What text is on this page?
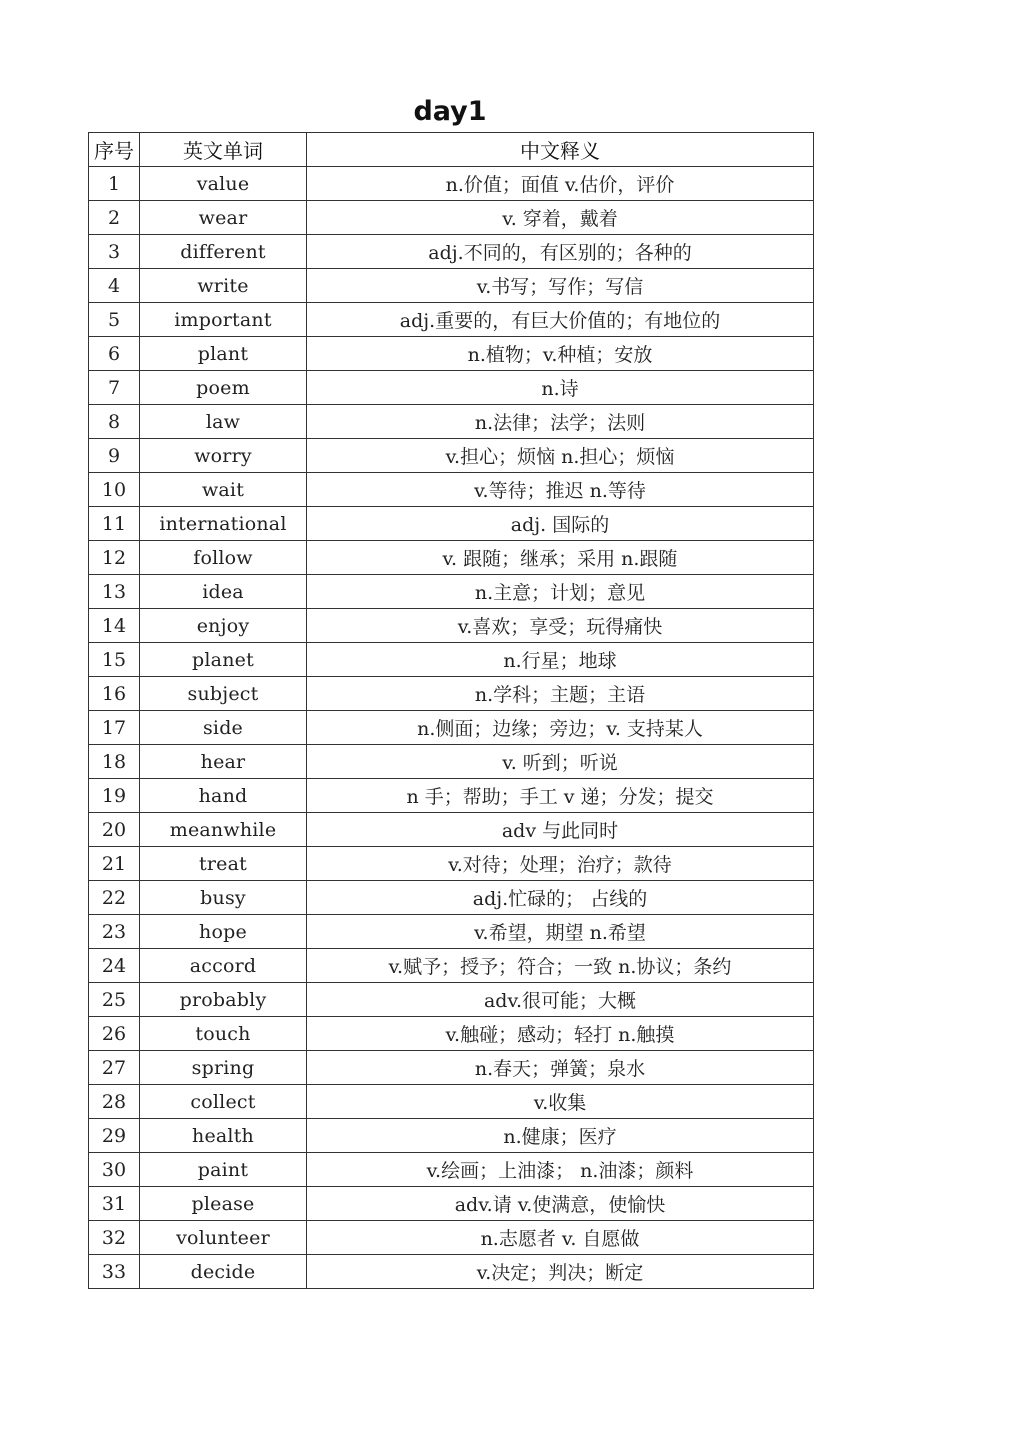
day1
序号	英文单词	中文释义
1	value	n.价值；面值 v.估价，评价
2	wear	v. 穿着，戴着
3	different	adj.不同的，有区别的；各种的
4	write	v.书写；写作；写信
5	important	adj.重要的，有巨大价值的；有地位的
6	plant	n.植物；v.种植；安放
7	poem	n.诗
8	law	n.法律；法学；法则
9	worry	v.担心；烦恼 n.担心；烦恼
10	wait	v.等待；推迟 n.等待
11	international	adj. 国际的
12	follow	v. 跟随；继承；采用 n.跟随
13	idea	n.主意；计划；意见
14	enjoy	v.喜欢；享受；玩得痛快
15	planet	n.行星；地球
16	subject	n.学科；主题；主语
17	side	n.侧面；边缘；旁边；v. 支持某人
18	hear	v. 听到；听说
19	hand	n 手；帮助；手工 v 递；分发；提交
20	meanwhile	adv 与此同时
21	treat	v.对待；处理；治疗；款待
22	busy	adj.忙碌的； 占线的
23	hope	v.希望，期望 n.希望
24	accord	v.赋予；授予；符合；一致 n.协议；条约
25	probably	adv.很可能；大概
26	touch	v.触碰；感动；轻打 n.触摸
27	spring	n.春天；弹簧；泉水
28	collect	v.收集
29	health	n.健康；医疗
30	paint	v.绘画；上油漆； n.油漆；颜料
31	please	adv.请 v.使满意，使愉快
32	volunteer	n.志愿者 v. 自愿做
33	decide	v.决定；判决；断定
